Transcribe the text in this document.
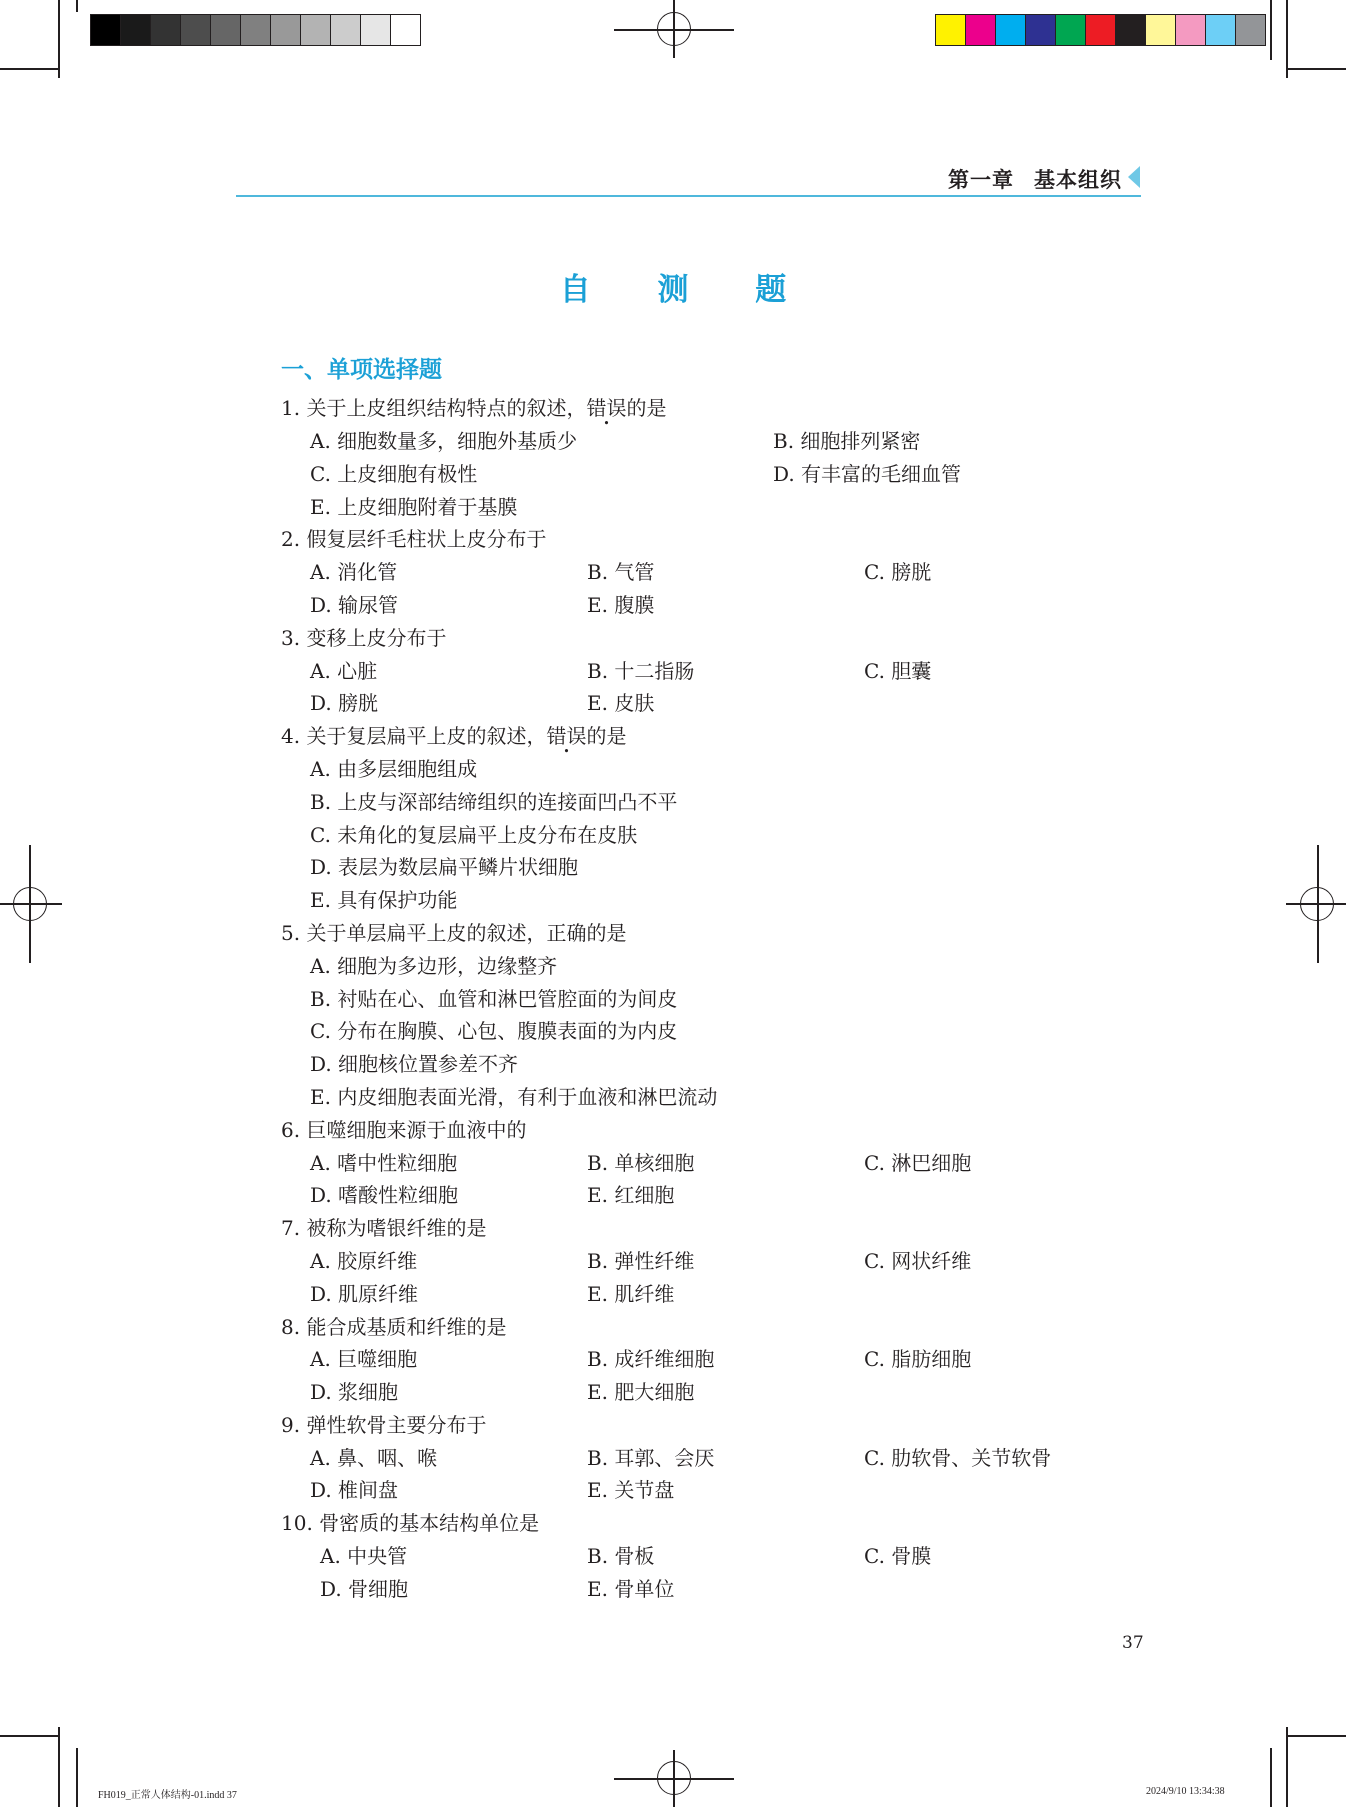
第一章 基本组织
自 测 题
一、单项选择题
1. 关于上皮组织结构特点的叙述，错误的是
A. 细胞数量多，细胞外基质少	B. 细胞排列紧密
C. 上皮细胞有极性	D. 有丰富的毛细血管
E. 上皮细胞附着于基膜
2. 假复层纤毛柱状上皮分布于
A. 消化管	B. 气管	C. 膀胱
D. 输尿管	E. 腹膜
3. 变移上皮分布于
A. 心脏	B. 十二指肠	C. 胆囊
D. 膀胱	E. 皮肤
4. 关于复层扁平上皮的叙述，错误的是
A. 由多层细胞组成
B. 上皮与深部结缔组织的连接面凹凸不平
C. 未角化的复层扁平上皮分布在皮肤
D. 表层为数层扁平鳞片状细胞
E. 具有保护功能
5. 关于单层扁平上皮的叙述，正确的是
A. 细胞为多边形，边缘整齐
B. 衬贴在心、血管和淋巴管腔面的为间皮
C. 分布在胸膜、心包、腹膜表面的为内皮
D. 细胞核位置参差不齐
E. 内皮细胞表面光滑，有利于血液和淋巴流动
6. 巨噬细胞来源于血液中的
A. 嗜中性粒细胞	B. 单核细胞	C. 淋巴细胞
D. 嗜酸性粒细胞	E. 红细胞
7. 被称为嗜银纤维的是
A. 胶原纤维	B. 弹性纤维	C. 网状纤维
D. 肌原纤维	E. 肌纤维
8. 能合成基质和纤维的是
A. 巨噬细胞	B. 成纤维细胞	C. 脂肪细胞
D. 浆细胞	E. 肥大细胞
9. 弹性软骨主要分布于
A. 鼻、咽、喉	B. 耳郭、会厌	C. 肋软骨、关节软骨
D. 椎间盘	E. 关节盘
10. 骨密质的基本结构单位是
A. 中央管	B. 骨板	C. 骨膜
D. 骨细胞	E. 骨单位
37
FH019_正常人体结构-01.indd 37	2024/9/10 13:34:38
